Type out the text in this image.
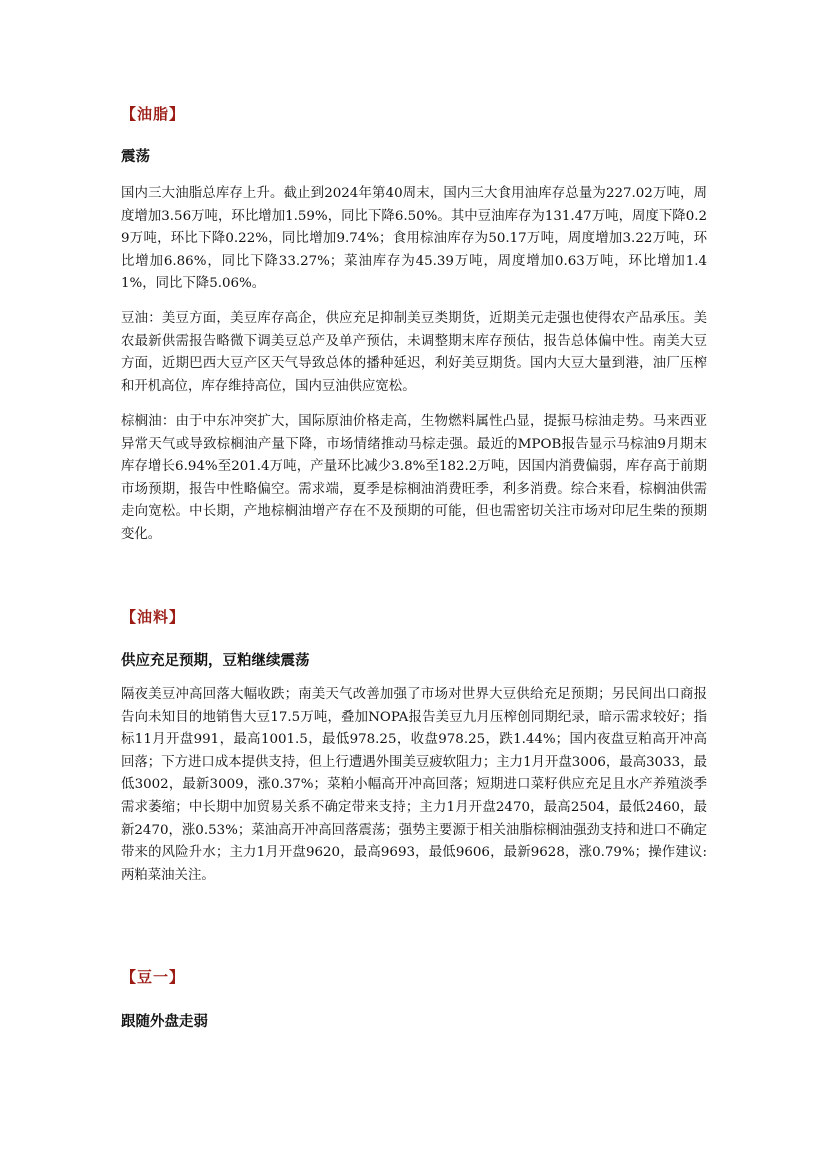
【油脂】
震荡

国内三大油脂总库存上升。截止到2024年第40周末，国内三大食用油库存总量为227.02万吨，周度增加3.56万吨，环比增加1.59%，同比下降6.50%。其中豆油库存为131.47万吨，周度下降0.29万吨，环比下降0.22%，同比增加9.74%；食用棕油库存为50.17万吨，周度增加3.22万吨，环比增加6.86%，同比下降33.27%；菜油库存为45.39万吨，周度增加0.63万吨，环比增加1.41%，同比下降5.06%。

豆油：美豆方面，美豆库存高企，供应充足抑制美豆类期货，近期美元走强也使得农产品承压。美农最新供需报告略微下调美豆总产及单产预估，未调整期末库存预估，报告总体偏中性。南美大豆方面，近期巴西大豆产区天气导致总体的播种延迟，利好美豆期货。国内大豆大量到港，油厂压榨和开机高位，库存维持高位，国内豆油供应宽松。

棕榈油：由于中东冲突扩大，国际原油价格走高，生物燃料属性凸显，提振马棕油走势。马来西亚异常天气或导致棕榈油产量下降，市场情绪推动马棕走强。最近的MPOB报告显示马棕油9月期末库存增长6.94%至201.4万吨，产量环比减少3.8%至182.2万吨，因国内消费偏弱，库存高于前期市场预期，报告中性略偏空。需求端，夏季是棕榈油消费旺季，利多消费。综合来看，棕榈油供需走向宽松。中长期，产地棕榈油增产存在不及预期的可能，但也需密切关注市场对印尼生柴的预期变化。

【油料】
供应充足预期，豆粕继续震荡

隔夜美豆冲高回落大幅收跌；南美天气改善加强了市场对世界大豆供给充足预期；另民间出口商报告向未知目的地销售大豆17.5万吨，叠加NOPA报告美豆九月压榨创同期纪录，暗示需求较好；指标11月开盘991，最高1001.5，最低978.25，收盘978.25，跌1.44%；国内夜盘豆粕高开冲高回落；下方进口成本提供支持，但上行遭遇外围美豆疲软阻力；主力1月开盘3006，最高3033，最低3002，最新3009，涨0.37%；菜粕小幅高开冲高回落；短期进口菜籽供应充足且水产养殖淡季需求萎缩；中长期中加贸易关系不确定带来支持；主力1月开盘2470，最高2504，最低2460，最新2470，涨0.53%；菜油高开冲高回落震荡；强势主要源于相关油脂棕榈油强劲支持和进口不确定带来的风险升水；主力1月开盘9620，最高9693，最低9606，最新9628，涨0.79%；操作建议:两粕菜油关注。

【豆一】
跟随外盘走弱
